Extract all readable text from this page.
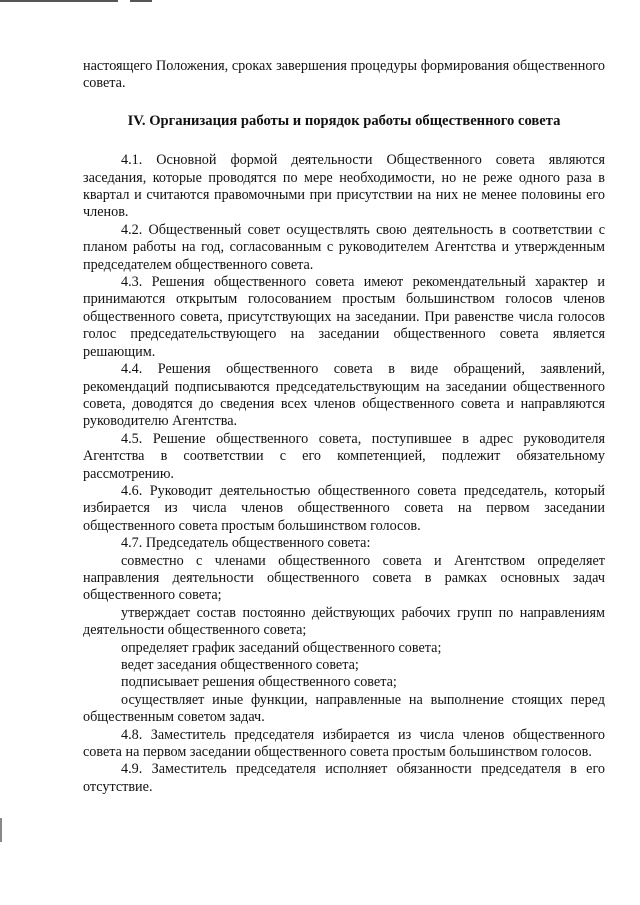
настоящего Положения, сроках завершения процедуры формирования общественного совета.

IV. Организация работы и порядок работы общественного совета

4.1. Основной формой деятельности Общественного совета являются заседания, которые проводятся по мере необходимости, но не реже одного раза в квартал и считаются правомочными при присутствии на них не менее половины его членов.

4.2. Общественный совет осуществлять свою деятельность в соответствии с планом работы на год, согласованным с руководителем Агентства и утвержденным председателем общественного совета.

4.3. Решения общественного совета имеют рекомендательный характер и принимаются открытым голосованием простым большинством голосов членов общественного совета, присутствующих на заседании. При равенстве числа голосов голос председательствующего на заседании общественного совета является решающим.

4.4. Решения общественного совета в виде обращений, заявлений, рекомендаций подписываются председательствующим на заседании общественного совета, доводятся до сведения всех членов общественного совета и направляются руководителю Агентства.

4.5. Решение общественного совета, поступившее в адрес руководителя Агентства в соответствии с его компетенцией, подлежит обязательному рассмотрению.

4.6. Руководит деятельностью общественного совета председатель, который избирается из числа членов общественного совета на первом заседании общественного совета простым большинством голосов.

4.7. Председатель общественного совета:

совместно с членами общественного совета и Агентством определяет направления деятельности общественного совета в рамках основных задач общественного совета;

утверждает состав постоянно действующих рабочих групп по направлениям деятельности общественного совета;

определяет график заседаний общественного совета;

ведет заседания общественного совета;

подписывает решения общественного совета;

осуществляет иные функции, направленные на выполнение стоящих перед общественным советом задач.

4.8. Заместитель председателя избирается из числа членов общественного совета на первом заседании общественного совета простым большинством голосов.

4.9. Заместитель председателя исполняет обязанности председателя в его отсутствие.
